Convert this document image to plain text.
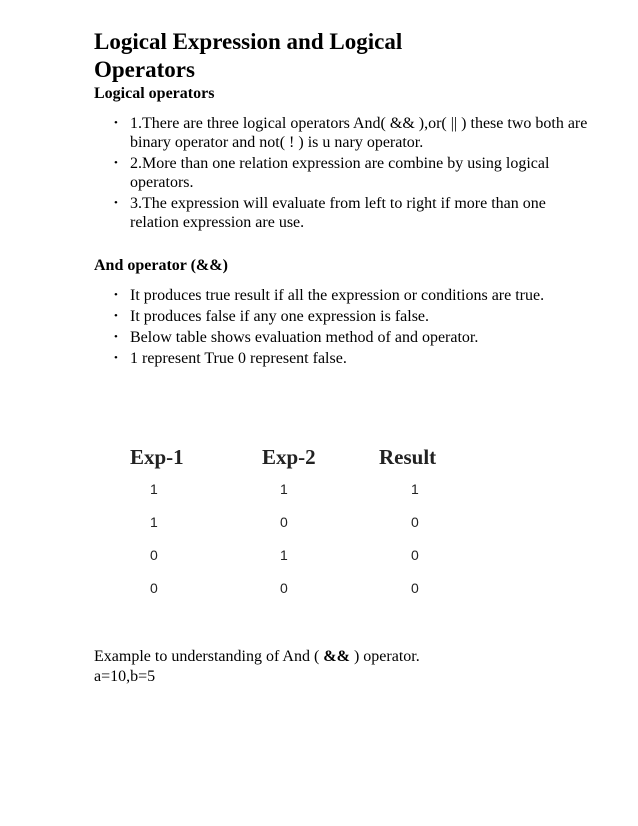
Logical Expression and Logical Operators
Logical operators
• 1.There are three logical operators And( && ),or( || ) these two both are binary operator and not( ! ) is u nary operator.
• 2.More than one relation expression are combine by using logical operators.
• 3.The expression will evaluate from left to right if more than one relation expression are use.
And operator (&&)
• It produces true result if all the expression or conditions are true.
• It produces false if any one expression is false.
• Below table shows evaluation method of and operator.
• 1 represent True 0 represent false.
Exp-1	Exp-2	Result
1	1	1
1	0	0
0	1	0
0	0	0
Example to understanding of And ( && ) operator.
a=10,b=5
